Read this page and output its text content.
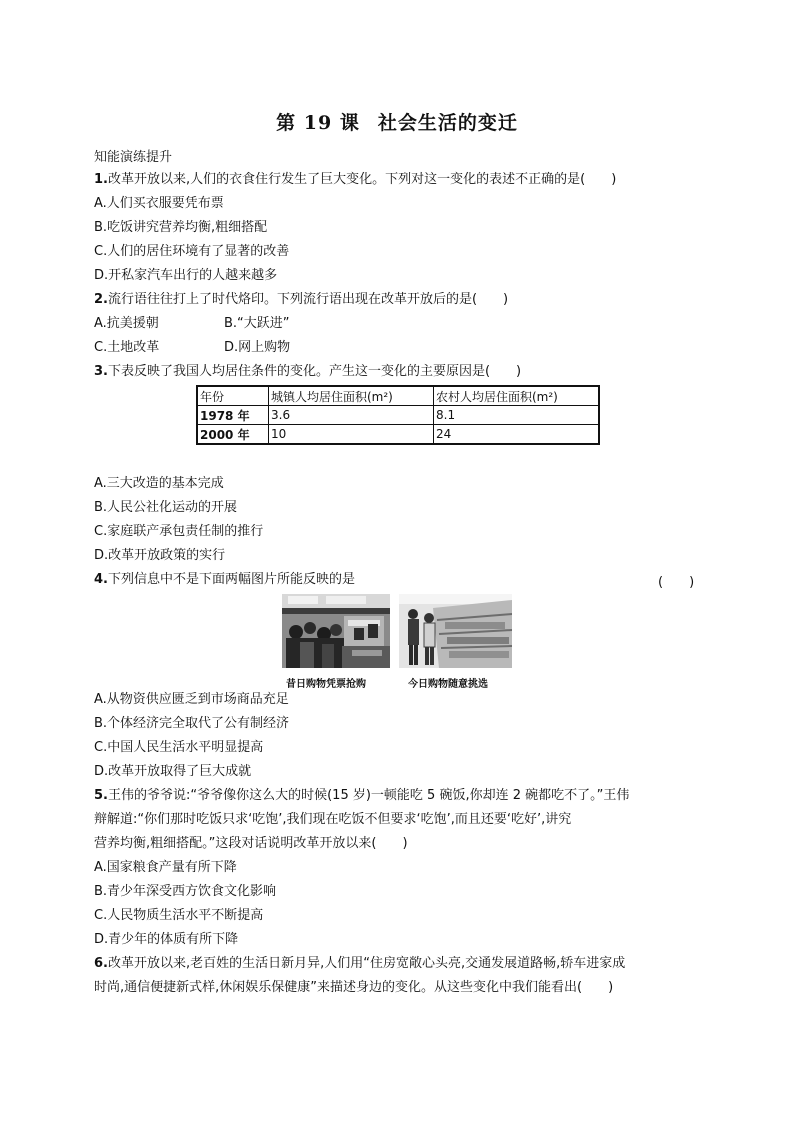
第 19 课 社会生活的变迁
知能演练提升
1.改革开放以来,人们的衣食住行发生了巨大变化。下列对这一变化的表述不正确的是(　　)
A.人们买衣服要凭布票
B.吃饭讲究营养均衡,粗细搭配
C.人们的居住环境有了显著的改善
D.开私家汽车出行的人越来越多
2.流行语往往打上了时代烙印。下列流行语出现在改革开放后的是(　　)
A.抗美援朝	B.“大跃进”
C.土地改革	D.网上购物
3.下表反映了我国人均居住条件的变化。产生这一变化的主要原因是(　　)
年份	城镇人均居住面积(m²)	农村人均居住面积(m²)
1978 年	3.6	8.1
2000 年	10	24
A.三大改造的基本完成
B.人民公社化运动的开展
C.家庭联产承包责任制的推行
D.改革开放政策的实行
4.下列信息中不是下面两幅图片所能反映的是	(　　)
昔日购物凭票抢购	今日购物随意挑选
A.从物资供应匮乏到市场商品充足
B.个体经济完全取代了公有制经济
C.中国人民生活水平明显提高
D.改革开放取得了巨大成就
5.王伟的爷爷说:“爷爷像你这么大的时候(15 岁)一顿能吃 5 碗饭,你却连 2 碗都吃不了。”王伟
辩解道:“你们那时吃饭只求‘吃饱’,我们现在吃饭不但要求‘吃饱’,而且还要‘吃好’,讲究
营养均衡,粗细搭配。”这段对话说明改革开放以来(　　)
A.国家粮食产量有所下降
B.青少年深受西方饮食文化影响
C.人民物质生活水平不断提高
D.青少年的体质有所下降
6.改革开放以来,老百姓的生活日新月异,人们用“住房宽敞心头亮,交通发展道路畅,轿车进家成
时尚,通信便捷新式样,休闲娱乐保健康”来描述身边的变化。从这些变化中我们能看出(　　)
